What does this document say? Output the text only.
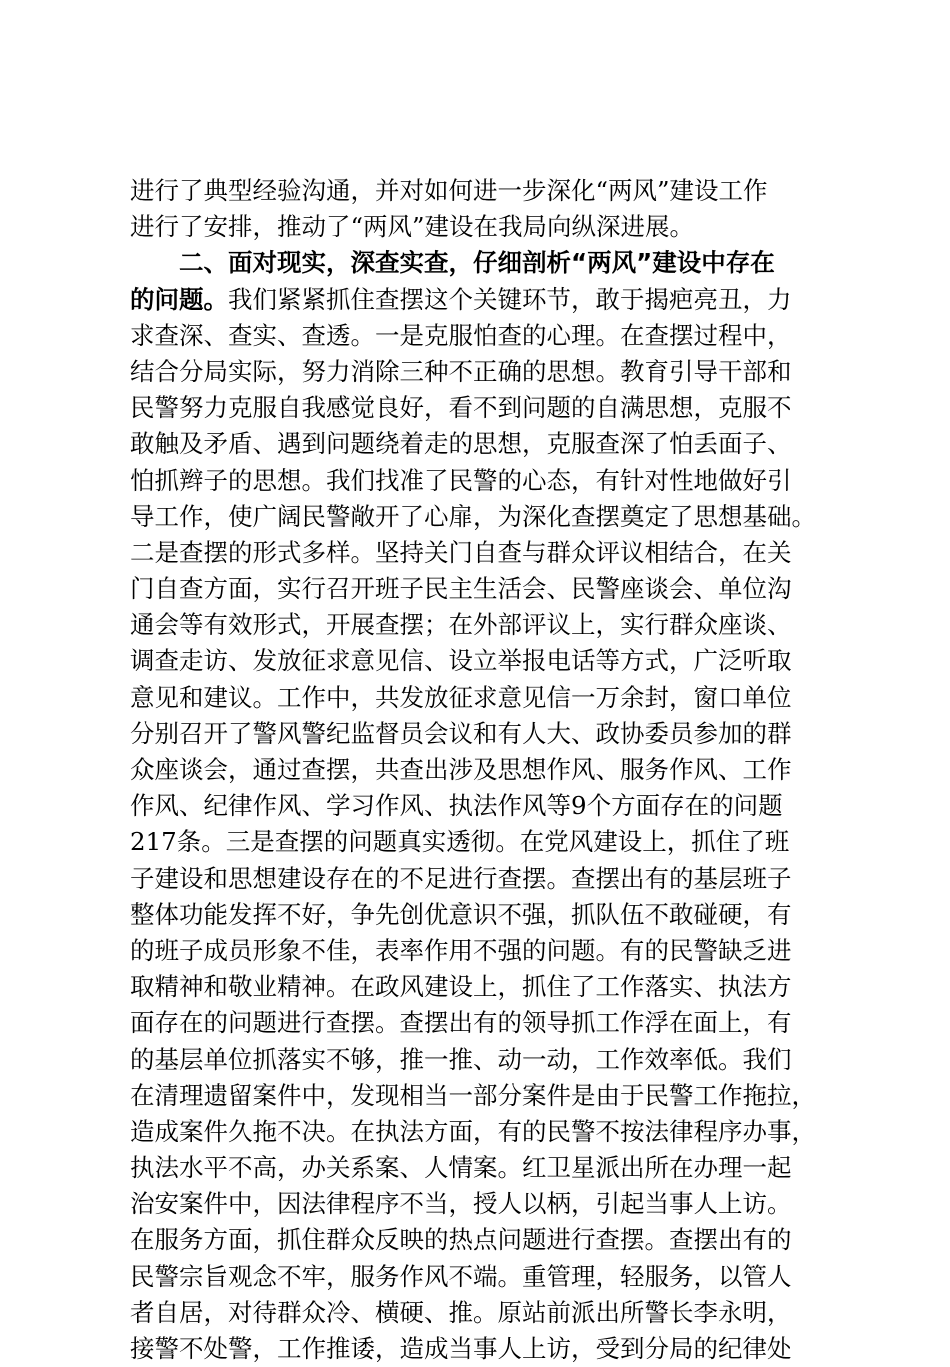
进行了典型经验沟通，并对如何进一步深化“两风”建设工作
进行了安排，推动了“两风”建设在我局向纵深进展。
二、面对现实，深查实查，仔细剖析“两风”建设中存在
的问题。我们紧紧抓住查摆这个关键环节，敢于揭疤亮丑，力
求查深、查实、查透。一是克服怕查的心理。在查摆过程中，
结合分局实际，努力消除三种不正确的思想。教育引导干部和
民警努力克服自我感觉良好，看不到问题的自满思想，克服不
敢触及矛盾、遇到问题绕着走的思想，克服查深了怕丢面子、
怕抓辫子的思想。我们找准了民警的心态，有针对性地做好引
导工作，使广阔民警敞开了心扉，为深化查摆奠定了思想基础。
二是查摆的形式多样。坚持关门自查与群众评议相结合，在关
门自查方面，实行召开班子民主生活会、民警座谈会、单位沟
通会等有效形式，开展查摆；在外部评议上，实行群众座谈、
调查走访、发放征求意见信、设立举报电话等方式，广泛听取
意见和建议。工作中，共发放征求意见信一万余封，窗口单位
分别召开了警风警纪监督员会议和有人大、政协委员参加的群
众座谈会，通过查摆，共查出涉及思想作风、服务作风、工作
作风、纪律作风、学习作风、执法作风等9个方面存在的问题
217条。三是查摆的问题真实透彻。在党风建设上，抓住了班
子建设和思想建设存在的不足进行查摆。查摆出有的基层班子
整体功能发挥不好，争先创优意识不强，抓队伍不敢碰硬，有
的班子成员形象不佳，表率作用不强的问题。有的民警缺乏进
取精神和敬业精神。在政风建设上，抓住了工作落实、执法方
面存在的问题进行查摆。查摆出有的领导抓工作浮在面上，有
的基层单位抓落实不够，推一推、动一动，工作效率低。我们
在清理遗留案件中，发现相当一部分案件是由于民警工作拖拉，
造成案件久拖不决。在执法方面，有的民警不按法律程序办事，
执法水平不高，办关系案、人情案。红卫星派出所在办理一起
治安案件中，因法律程序不当，授人以柄，引起当事人上访。
在服务方面，抓住群众反映的热点问题进行查摆。查摆出有的
民警宗旨观念不牢，服务作风不端。重管理，轻服务，以管人
者自居，对待群众冷、横硬、推。原站前派出所警长李永明，
接警不处警，工作推诿，造成当事人上访，受到分局的纪律处
